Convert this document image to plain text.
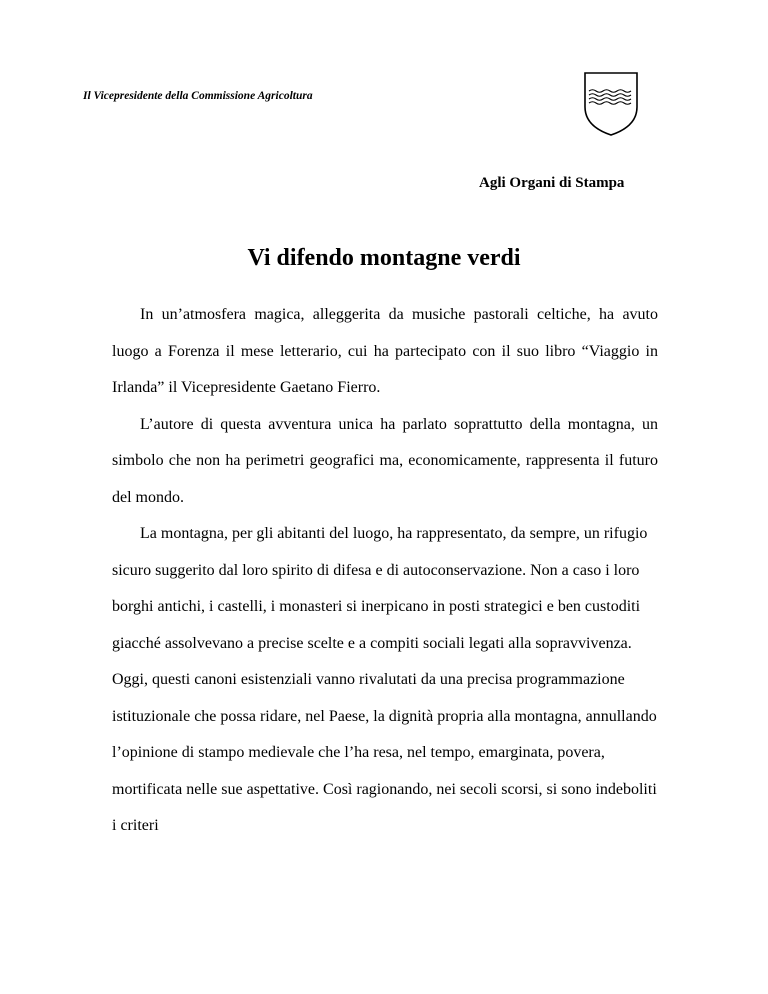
Il Vicepresidente della Commissione Agricoltura
Agli Organi di Stampa
Vi difendo montagne verdi

In un’atmosfera magica, alleggerita da musiche pastorali celtiche, ha avuto luogo a Forenza il mese letterario, cui ha partecipato con il suo libro “Viaggio in Irlanda” il Vicepresidente Gaetano Fierro.

L’autore di questa avventura unica ha parlato soprattutto della montagna, un simbolo che non ha perimetri geografici ma, economicamente, rappresenta il futuro del mondo.

La montagna, per gli abitanti del luogo, ha rappresentato, da sempre, un rifugio sicuro suggerito dal loro spirito di difesa e di autoconservazione. Non a caso i loro borghi antichi, i castelli, i monasteri si inerpicano in posti strategici e ben custoditi giacché assolvevano a precise scelte e a compiti sociali legati alla sopravvivenza. Oggi, questi canoni esistenziali vanno rivalutati da una precisa programmazione istituzionale che possa ridare, nel Paese, la dignità propria alla montagna, annullando l’opinione di stampo medievale che l’ha resa, nel tempo, emarginata, povera, mortificata nelle sue aspettative. Così ragionando, nei secoli scorsi, si sono indeboliti i criteri
